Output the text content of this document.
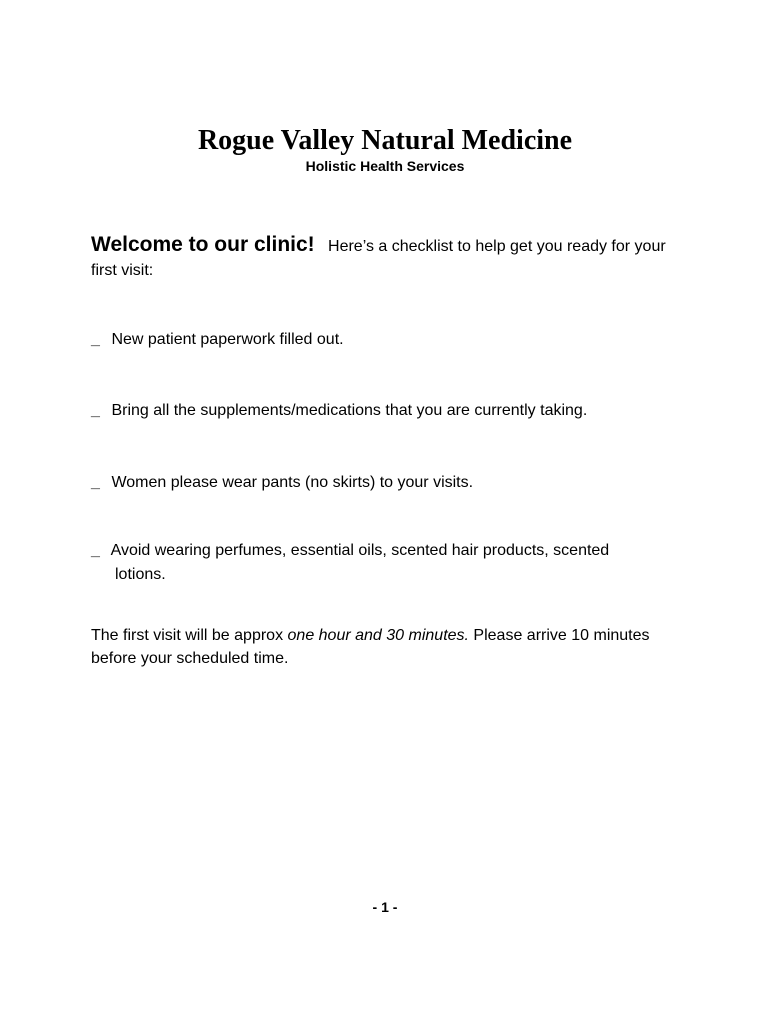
Rogue Valley Natural Medicine
Holistic Health Services
Welcome to our clinic! Here’s a checklist to help get you ready for your first visit:
_ New patient paperwork filled out.
_ Bring all the supplements/medications that you are currently taking.
_ Women please wear pants (no skirts) to your visits.
_ Avoid wearing perfumes, essential oils, scented hair products, scented
lotions.
The first visit will be approx one hour and 30 minutes. Please arrive 10 minutes before your scheduled time.
- 1 -
